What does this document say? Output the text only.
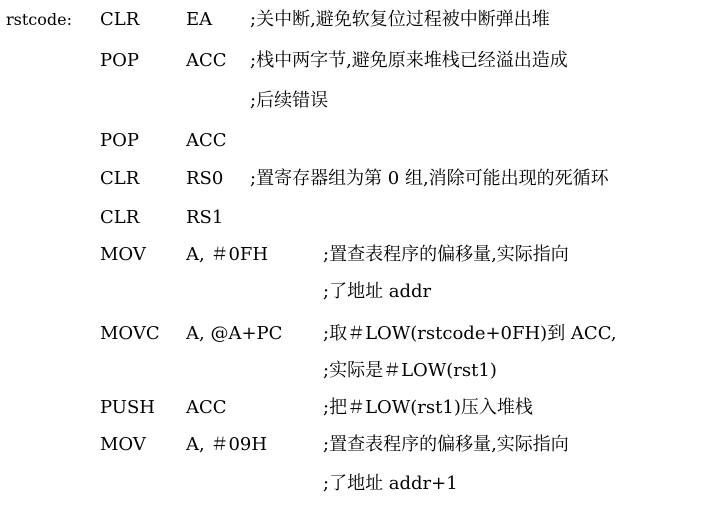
rstcode: CLR	EA ;关中断,避免软复位过程被中断弹出堆
POP	ACC ;栈中两字节,避免原来堆栈已经溢出造成
;后续错误
POP	ACC
CLR	RS0 ;置寄存器组为第 0 组,消除可能出现的死循环
CLR	RS1
MOV A, ＃0FH	;置查表程序的偏移量,实际指向
;了地址 addr
MOVC A, @A+PC ;取＃LOW(rstcode+0FH)到 ACC,
;实际是＃LOW(rst1)
PUSH ACC	;把＃LOW(rst1)压入堆栈
MOV A, ＃09H	;置查表程序的偏移量,实际指向
;了地址 addr+1
